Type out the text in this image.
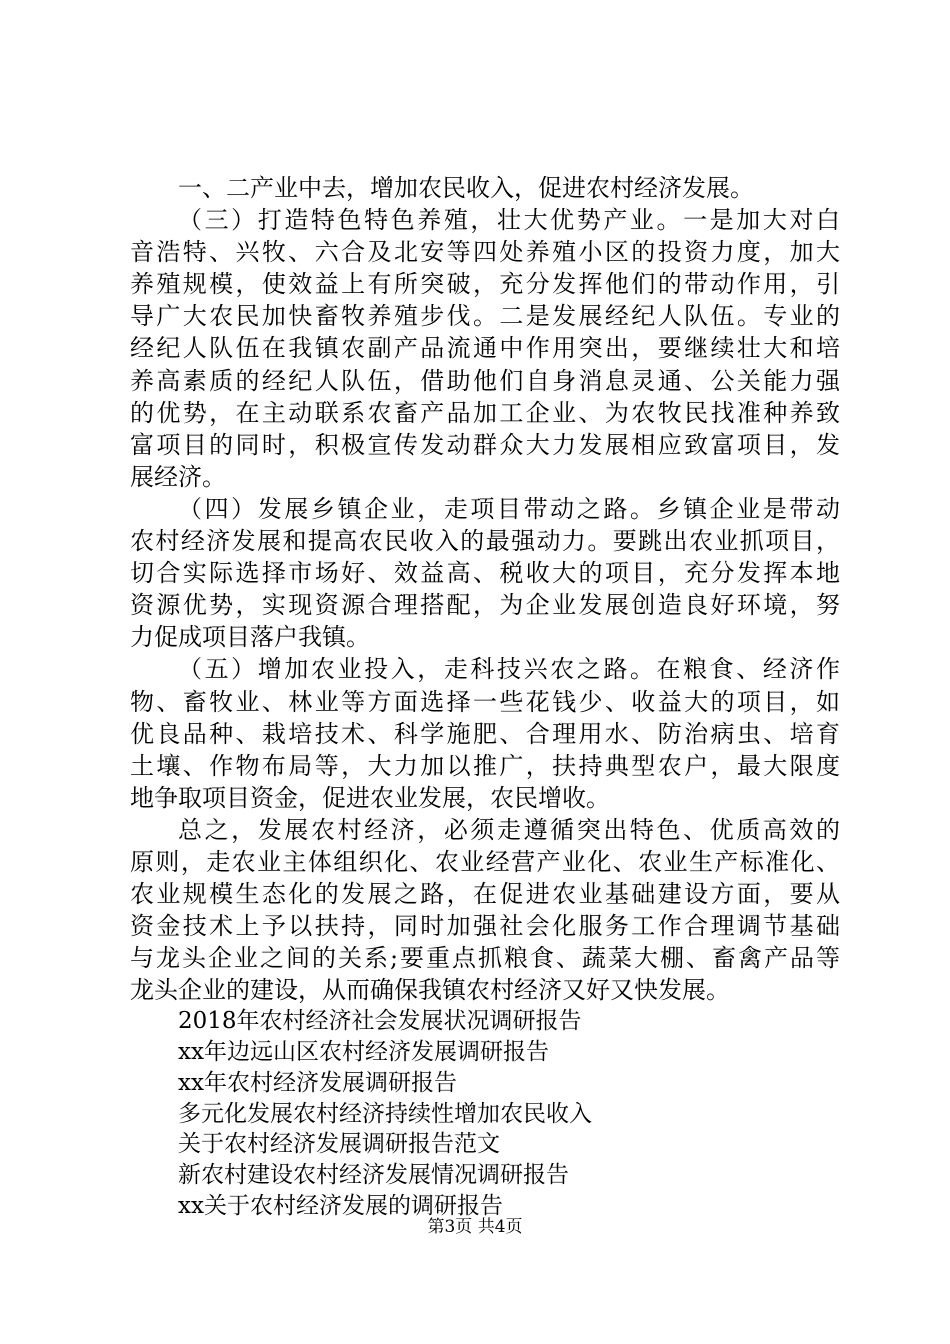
一、二产业中去，增加农民收入，促进农村经济发展。
（三）打造特色特色养殖，壮大优势产业。一是加大对白
音浩特、兴牧、六合及北安等四处养殖小区的投资力度，加大
养殖规模，使效益上有所突破，充分发挥他们的带动作用，引
导广大农民加快畜牧养殖步伐。二是发展经纪人队伍。专业的
经纪人队伍在我镇农副产品流通中作用突出，要继续壮大和培
养高素质的经纪人队伍，借助他们自身消息灵通、公关能力强
的优势，在主动联系农畜产品加工企业、为农牧民找准种养致
富项目的同时，积极宣传发动群众大力发展相应致富项目，发
展经济。
（四）发展乡镇企业，走项目带动之路。乡镇企业是带动
农村经济发展和提高农民收入的最强动力。要跳出农业抓项目，
切合实际选择市场好、效益高、税收大的项目，充分发挥本地
资源优势，实现资源合理搭配，为企业发展创造良好环境，努
力促成项目落户我镇。
（五）增加农业投入，走科技兴农之路。在粮食、经济作
物、畜牧业、林业等方面选择一些花钱少、收益大的项目，如
优良品种、栽培技术、科学施肥、合理用水、防治病虫、培育
土壤、作物布局等，大力加以推广，扶持典型农户，最大限度
地争取项目资金，促进农业发展，农民增收。
总之，发展农村经济，必须走遵循突出特色、优质高效的
原则，走农业主体组织化、农业经营产业化、农业生产标准化、
农业规模生态化的发展之路，在促进农业基础建设方面，要从
资金技术上予以扶持，同时加强社会化服务工作合理调节基础
与龙头企业之间的关系;要重点抓粮食、蔬菜大棚、畜禽产品等
龙头企业的建设，从而确保我镇农村经济又好又快发展。
2018年农村经济社会发展状况调研报告
xx年边远山区农村经济发展调研报告
xx年农村经济发展调研报告
多元化发展农村经济持续性增加农民收入
关于农村经济发展调研报告范文
新农村建设农村经济发展情况调研报告
xx关于农村经济发展的调研报告
第3页 共4页
